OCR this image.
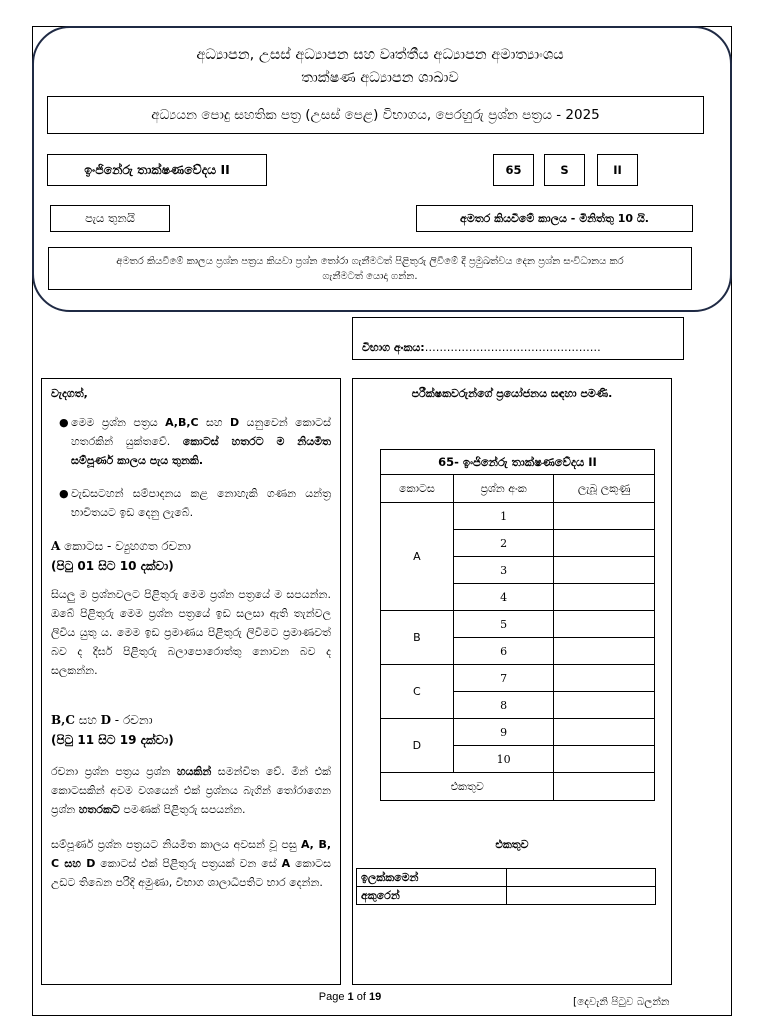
අධ්‍යාපන, උසස් අධ්‍යාපන සහ වෘත්තීය අධ්‍යාපන අමාත්‍යාංශය
තාක්ෂණ අධ්‍යාපන ශාඛාව
අධ්‍යයන පොදු සහතික පත්‍ර (උසස් පෙළ) විභාගය, පෙරහුරු ප්‍රශ්න පත්‍රය - 2025
ඉංජිනේරු තාක්ෂණවේදය II	65	S	II
පැය තුනයි	අමතර කියවීමේ කාලය - මිනිත්තු 10 යි.
අමතර කියවීමේ කාලය ප්‍රශ්න පත්‍රය කියවා ප්‍රශ්න තෝරා ගැනීමටත් පිළිතුරු ලිවීමේ දී ප්‍රමුඛත්වය දෙන ප්‍රශ්න සංවිධානය කර ගැනීමටත් යොදා ගන්න.
විභාග අංකය:…………………………………………
වැදගත්,
● මෙම ප්‍රශ්න පත්‍රය A,B,C සහ D යනුවෙන් කොටස් හතරකින් යුක්තවේ. කොටස් හතරට ම නියමිත සම්පූර්ණ කාලය පැය තුනකි.
● වැඩසටහන් සම්පාදනය කළ නොහැකි ගණන යන්ත්‍ර භාවිතයට ඉඩ දෙනු ලැබේ.
A කොටස - ව්‍යුහගත රචනා
(පිටු 01 සිට 10 දක්වා)

සියලු ම ප්‍රශ්නවලට පිළිතුරු මෙම ප්‍රශ්න පත්‍රයේ ම සපයන්න. ඔබේ පිළිතුරු මෙම ප්‍රශ්න පත්‍රයේ ඉඩ සලසා ඇති තැන්වල ලිවිය යුතු ය. මෙම ඉඩ ප්‍රමාණය පිළිතුරු ලිවීමට ප්‍රමාණවත් බව ද දීර්ඝ පිළිතුරු බලාපොරොත්තු නොවන බව ද සලකන්න.

B,C සහ D - රචනා
(පිටු 11 සිට 19 දක්වා)

රචනා ප්‍රශ්න පත්‍රය ප්‍රශ්න හයකින් සමන්විත වේ. මින් එක් කොටසකින් අවම වශයෙන් එක් ප්‍රශ්නය බැගින් තෝරාගෙන ප්‍රශ්න හතරකට පමණක් පිළිතුරු සපයන්න.

සම්පූර්ණ ප්‍රශ්න පත්‍රයට නියමිත කාලය අවසන් වූ පසු A, B, C සහ D කොටස් එක් පිළිතුරු පත්‍රයක් වන සේ A කොටස උඩට තිබෙන පරිදි අමුණා, විභාග ශාලාධිපතිට භාර දෙන්න.

පරීක්ෂකවරුන්ගේ ප්‍රයෝජනය සඳහා පමණි.
65- ඉංජිනේරු තාක්ෂණවේදය II		
කොටස	ප්‍රශ්න අංක	ලැබූ ලකුණු
A	1	
	2	
	3	
	4	
B	5	
	6	
C	7	
	8	
D	9	
	10	
එකතුව		
එකතුව
ඉලක්කමෙන්	
අකුරෙන්	
Page 1 of 19	[දෙවැනි පිටුව බලන්න
